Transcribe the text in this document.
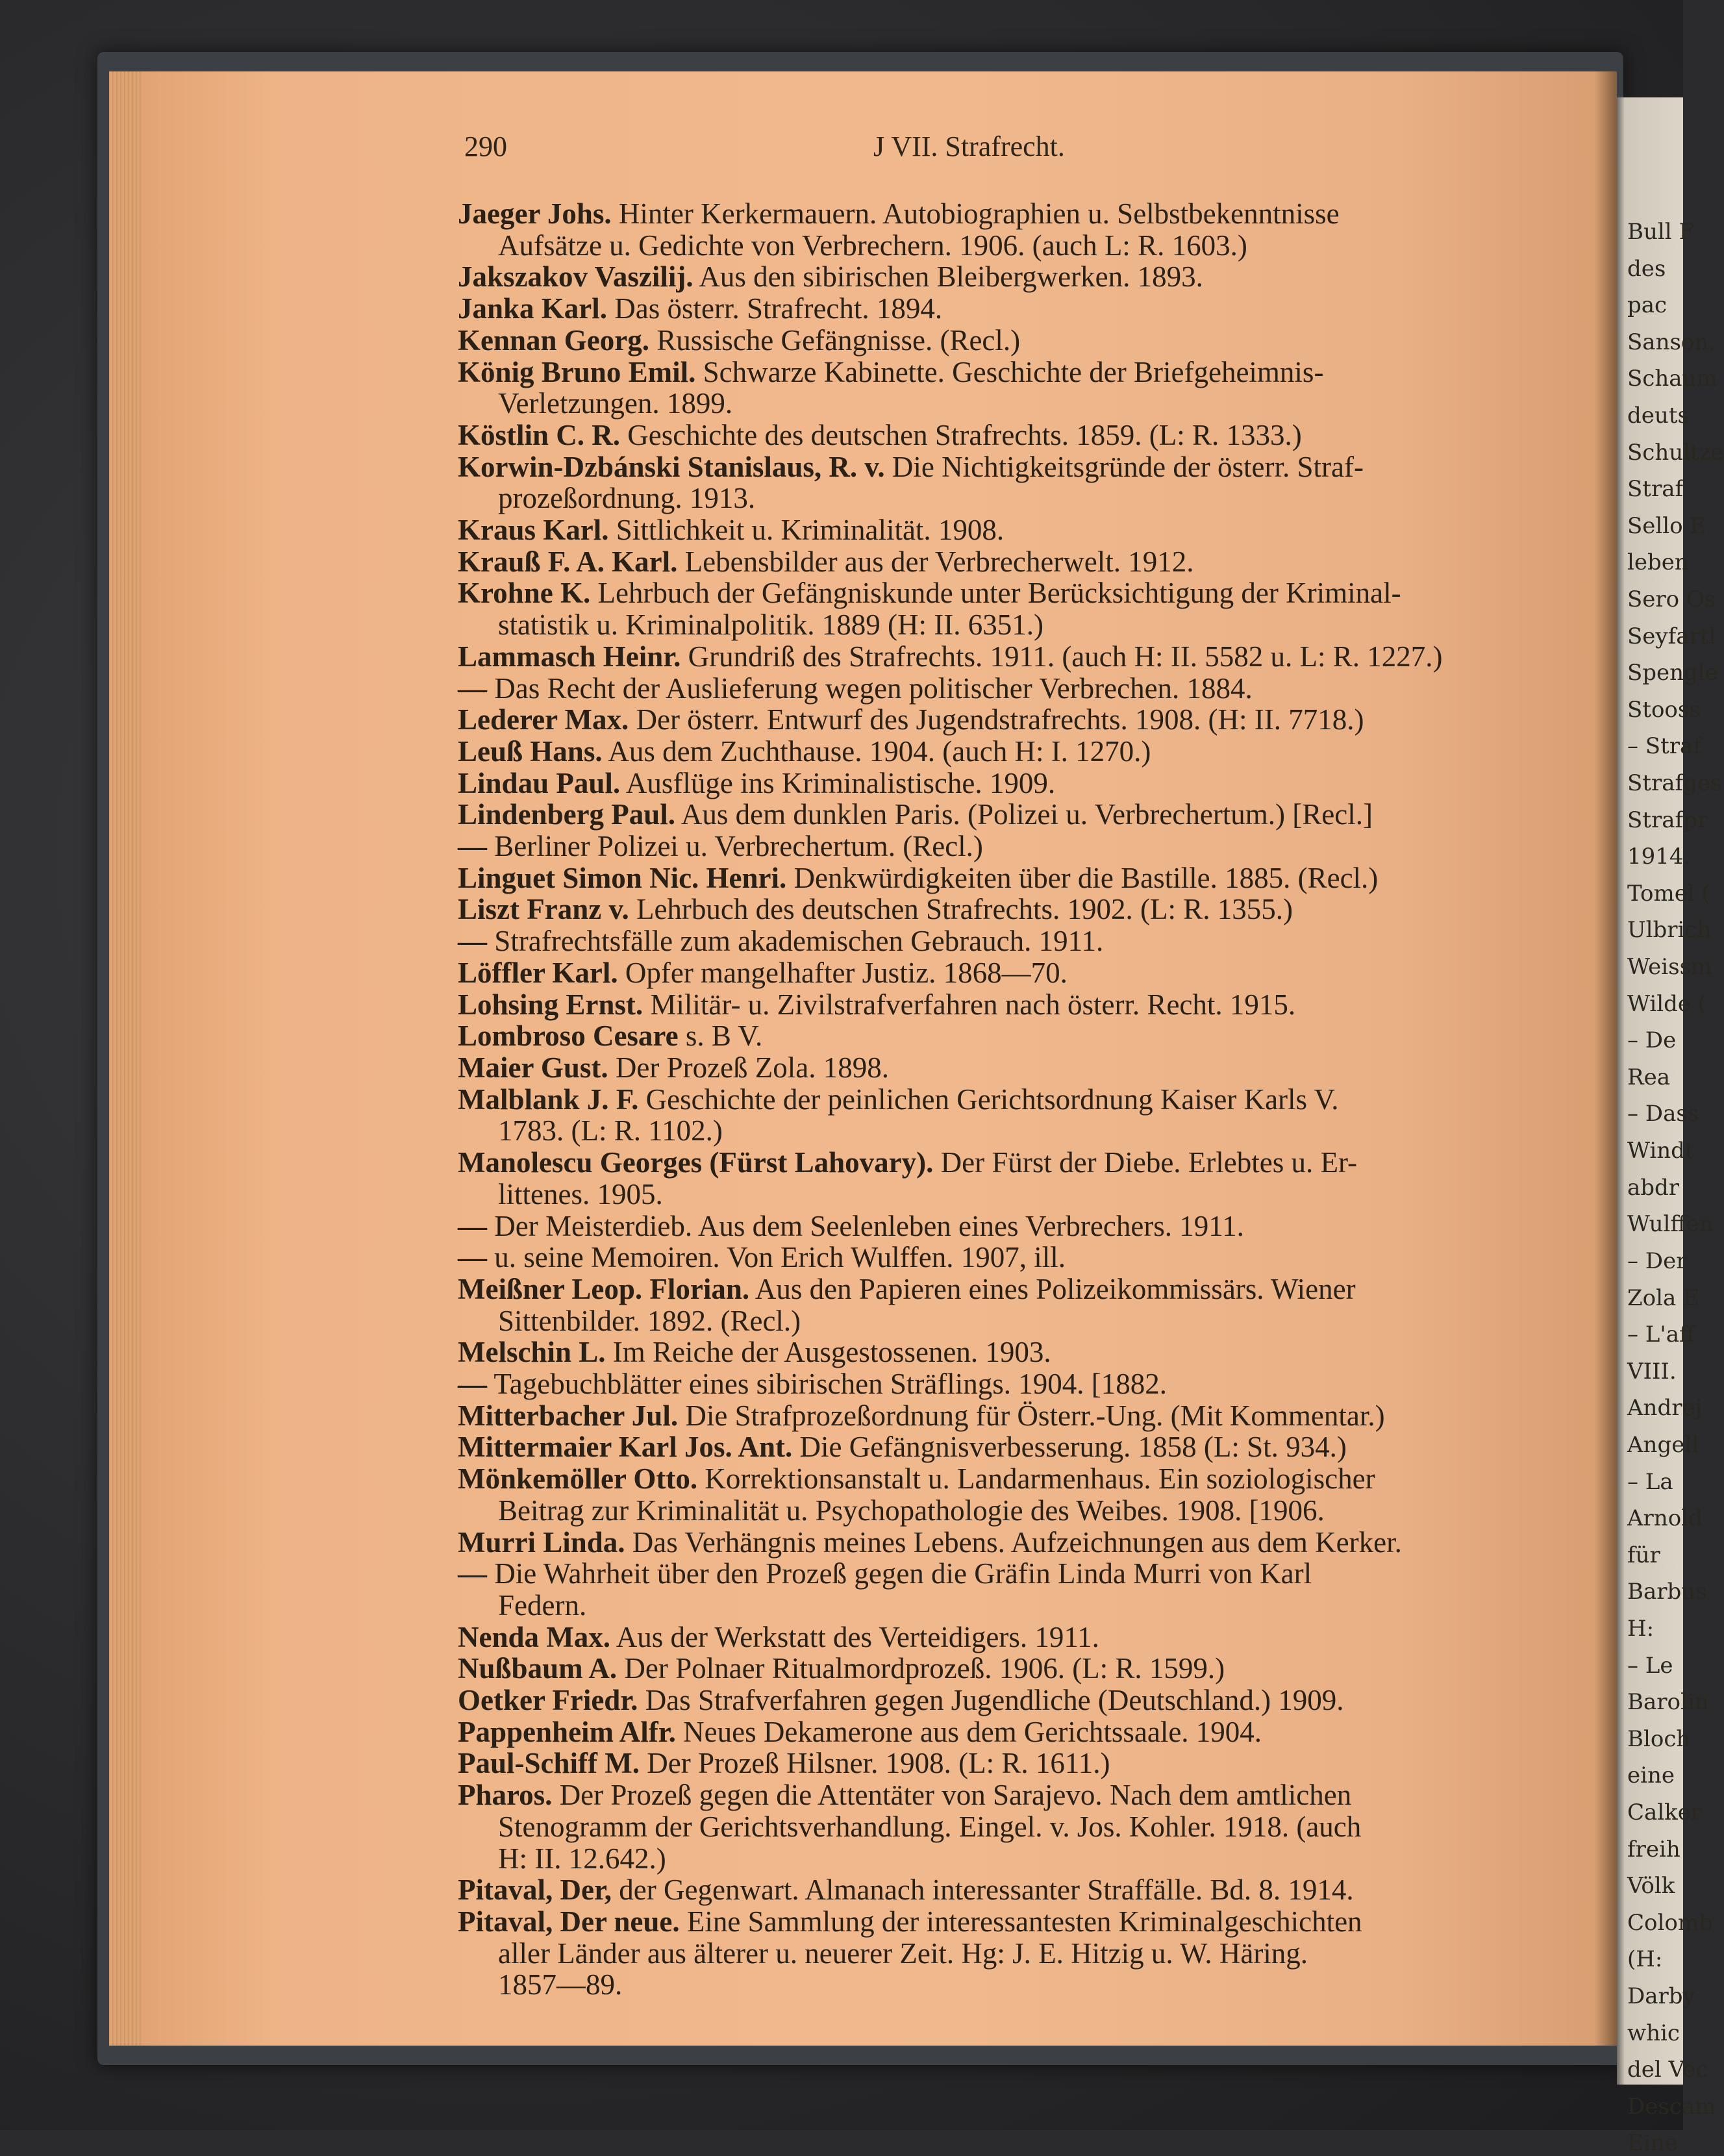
290	J VII. Strafrecht.
Jaeger Johs. Hinter Kerkermauern. Autobiographien u. Selbstbekenntnisse
Aufsätze u. Gedichte von Verbrechern. 1906. (auch L: R. 1603.)
Jakszakov Vaszilij. Aus den sibirischen Bleibergwerken. 1893.
Janka Karl. Das österr. Strafrecht. 1894.
Kennan Georg. Russische Gefängnisse. (Recl.)
König Bruno Emil. Schwarze Kabinette. Geschichte der Briefgeheimnis-
Verletzungen. 1899.
Köstlin C. R. Geschichte des deutschen Strafrechts. 1859. (L: R. 1333.)
Korwin-Dzbánski Stanislaus, R. v. Die Nichtigkeitsgründe der österr. Straf-
prozeßordnung. 1913.
Kraus Karl. Sittlichkeit u. Kriminalität. 1908.
Krauß F. A. Karl. Lebensbilder aus der Verbrecherwelt. 1912.
Krohne K. Lehrbuch der Gefängniskunde unter Berücksichtigung der Kriminal-
statistik u. Kriminalpolitik. 1889 (H: II. 6351.)
Lammasch Heinr. Grundriß des Strafrechts. 1911. (auch H: II. 5582 u. L: R. 1227.)
— Das Recht der Auslieferung wegen politischer Verbrechen. 1884.
Lederer Max. Der österr. Entwurf des Jugendstrafrechts. 1908. (H: II. 7718.)
Leuß Hans. Aus dem Zuchthause. 1904. (auch H: I. 1270.)
Lindau Paul. Ausflüge ins Kriminalistische. 1909.
Lindenberg Paul. Aus dem dunklen Paris. (Polizei u. Verbrechertum.) [Recl.]
— Berliner Polizei u. Verbrechertum. (Recl.)
Linguet Simon Nic. Henri. Denkwürdigkeiten über die Bastille. 1885. (Recl.)
Liszt Franz v. Lehrbuch des deutschen Strafrechts. 1902. (L: R. 1355.)
— Strafrechtsfälle zum akademischen Gebrauch. 1911.
Löffler Karl. Opfer mangelhafter Justiz. 1868—70.
Lohsing Ernst. Militär- u. Zivilstrafverfahren nach österr. Recht. 1915.
Lombroso Cesare s. B V.
Maier Gust. Der Prozeß Zola. 1898.
Malblank J. F. Geschichte der peinlichen Gerichtsordnung Kaiser Karls V.
1783. (L: R. 1102.)
Manolescu Georges (Fürst Lahovary). Der Fürst der Diebe. Erlebtes u. Er-
littenes. 1905.
— Der Meisterdieb. Aus dem Seelenleben eines Verbrechers. 1911.
— u. seine Memoiren. Von Erich Wulffen. 1907, ill.
Meißner Leop. Florian. Aus den Papieren eines Polizeikommissärs. Wiener
Sittenbilder. 1892. (Recl.)
Melschin L. Im Reiche der Ausgestossenen. 1903.
— Tagebuchblätter eines sibirischen Sträflings. 1904. [1882.
Mitterbacher Jul. Die Strafprozeßordnung für Österr.-Ung. (Mit Kommentar.)
Mittermaier Karl Jos. Ant. Die Gefängnisverbesserung. 1858 (L: St. 934.)
Mönkemöller Otto. Korrektionsanstalt u. Landarmenhaus. Ein soziologischer
Beitrag zur Kriminalität u. Psychopathologie des Weibes. 1908. [1906.
Murri Linda. Das Verhängnis meines Lebens. Aufzeichnungen aus dem Kerker.
— Die Wahrheit über den Prozeß gegen die Gräfin Linda Murri von Karl
Federn.
Nenda Max. Aus der Werkstatt des Verteidigers. 1911.
Nußbaum A. Der Polnaer Ritualmordprozeß. 1906. (L: R. 1599.)
Oetker Friedr. Das Strafverfahren gegen Jugendliche (Deutschland.) 1909.
Pappenheim Alfr. Neues Dekamerone aus dem Gerichtssaale. 1904.
Paul-Schiff M. Der Prozeß Hilsner. 1908. (L: R. 1611.)
Pharos. Der Prozeß gegen die Attentäter von Sarajevo. Nach dem amtlichen
Stenogramm der Gerichtsverhandlung. Eingel. v. Jos. Kohler. 1918. (auch
H: II. 12.642.)
Pitaval, Der, der Gegenwart. Almanach interessanter Straffälle. Bd. 8. 1914.
Pitaval, Der neue. Eine Sammlung der interessantesten Kriminalgeschichten
aller Länder aus älterer u. neuerer Zeit. Hg: J. E. Hitzig u. W. Häring.
1857—89.
Bull F
des
pac
Sanson,
Schaum
deuts
Schultze
Straf
Sello E
leben
Sero Os
Seyfartl
Spengle
Stooss
– Straf
Strafges
Strafpr
1914.
Tomel (
Ulbrich
Weissm
Wilde (
– De
Rea
– Dass
Windt
abdr
Wulffen
– Der
Zola E
– L'aff
VIII.
Andrej
Angell
– La
Arnold
für
Barbus
H:
– Le
Barolin
Bloch
eine
Calker
freih
Völk
Colomb
(H:
Darby
whic
del Vec
Descam
Eine
